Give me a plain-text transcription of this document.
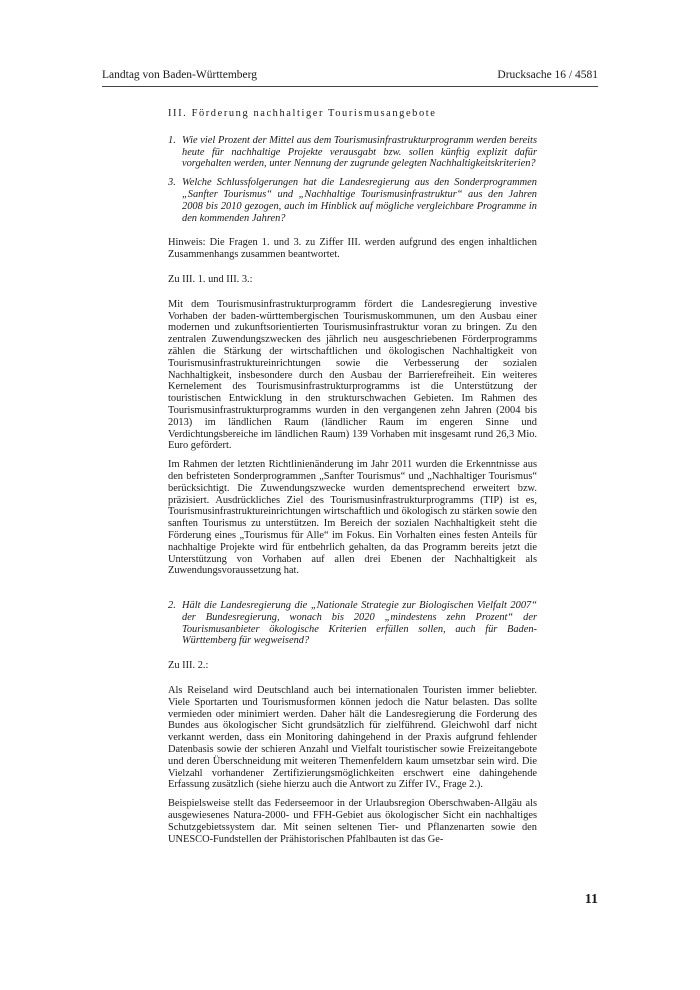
Landtag von Baden-Württemberg	Drucksache 16 / 4581
III. Förderung nachhaltiger Tourismusangebote
1. Wie viel Prozent der Mittel aus dem Tourismusinfrastrukturprogramm werden bereits heute für nachhaltige Projekte verausgabt bzw. sollen künftig explizit dafür vorgehalten werden, unter Nennung der zugrunde gelegten Nachhaltigkeitskriterien?
3. Welche Schlussfolgerungen hat die Landesregierung aus den Sonderprogrammen „Sanfter Tourismus“ und „Nachhaltige Tourismusinfrastruktur“ aus den Jahren 2008 bis 2010 gezogen, auch im Hinblick auf mögliche vergleichbare Programme in den kommenden Jahren?

Hinweis: Die Fragen 1. und 3. zu Ziffer III. werden aufgrund des engen inhaltlichen Zusammenhangs zusammen beantwortet.

Zu III. 1. und III. 3.:

Mit dem Tourismusinfrastrukturprogramm fördert die Landesregierung investive Vorhaben der baden-württembergischen Tourismuskommunen, um den Ausbau einer modernen und zukunftsorientierten Tourismusinfrastruktur voran zu bringen. Zu den zentralen Zuwendungszwecken des jährlich neu ausgeschriebenen Förderprogramms zählen die Stärkung der wirtschaftlichen und ökologischen Nachhaltigkeit von Tourismusinfrastruktureinrichtungen sowie die Verbesserung der sozialen Nachhaltigkeit, insbesondere durch den Ausbau der Barrierefreiheit. Ein weiteres Kernelement des Tourismusinfrastrukturprogramms ist die Unterstützung der touristischen Entwicklung in den strukturschwachen Gebieten. Im Rahmen des Tourismusinfrastrukturprogramms wurden in den vergangenen zehn Jahren (2004 bis 2013) im ländlichen Raum (ländlicher Raum im engeren Sinne und Verdichtungsbereiche im ländlichen Raum) 139 Vorhaben mit insgesamt rund 26,3 Mio. Euro gefördert.

Im Rahmen der letzten Richtlinienänderung im Jahr 2011 wurden die Erkenntnisse aus den befristeten Sonderprogrammen „Sanfter Tourismus“ und „Nachhaltiger Tourismus“ berücksichtigt. Die Zuwendungszwecke wurden dementsprechend erweitert bzw. präzisiert. Ausdrückliches Ziel des Tourismusinfrastrukturprogramms (TIP) ist es, Tourismusinfrastruktureinrichtungen wirtschaftlich und ökologisch zu stärken sowie den sanften Tourismus zu unterstützen. Im Bereich der sozialen Nachhaltigkeit steht die Förderung eines „Tourismus für Alle“ im Fokus. Ein Vorhalten eines festen Anteils für nachhaltige Projekte wird für entbehrlich gehalten, da das Programm bereits jetzt die Unterstützung von Vorhaben auf allen drei Ebenen der Nachhaltigkeit als Zuwendungsvoraussetzung hat.

2. Hält die Landesregierung die „Nationale Strategie zur Biologischen Vielfalt 2007“ der Bundesregierung, wonach bis 2020 „mindestens zehn Prozent“ der Tourismusanbieter ökologische Kriterien erfüllen sollen, auch für Baden-Württemberg für wegweisend?

Zu III. 2.:

Als Reiseland wird Deutschland auch bei internationalen Touristen immer beliebter. Viele Sportarten und Tourismusformen können jedoch die Natur belasten. Das sollte vermieden oder minimiert werden. Daher hält die Landesregierung die Forderung des Bundes aus ökologischer Sicht grundsätzlich für zielführend. Gleichwohl darf nicht verkannt werden, dass ein Monitoring dahingehend in der Praxis aufgrund fehlender Datenbasis sowie der schieren Anzahl und Vielfalt touristischer sowie Freizeitangebote und deren Überschneidung mit weiteren Themenfeldern kaum umsetzbar sein wird. Die Vielzahl vorhandener Zertifizierungsmöglichkeiten erschwert eine dahingehende Erfassung zusätzlich (siehe hierzu auch die Antwort zu Ziffer IV., Frage 2.).

Beispielsweise stellt das Federseemoor in der Urlaubsregion Oberschwaben-Allgäu als ausgewiesenes Natura-2000- und FFH-Gebiet aus ökologischer Sicht ein nachhaltiges Schutzgebietssystem dar. Mit seinen seltenen Tier- und Pflanzenarten sowie den UNESCO-Fundstellen der Prähistorischen Pfahlbauten ist das Ge-

11
